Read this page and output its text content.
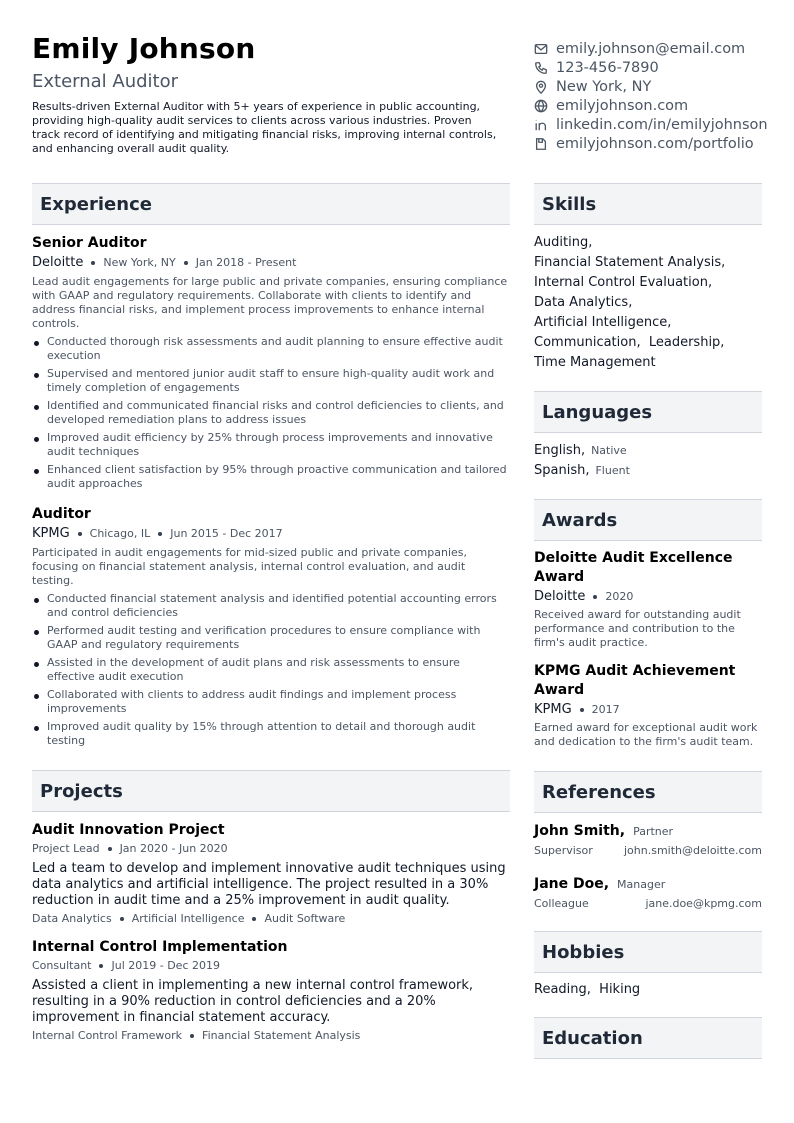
Emily Johnson
External Auditor
Results-driven External Auditor with 5+ years of experience in public accounting, providing high-quality audit services to clients across various industries. Proven track record of identifying and mitigating financial risks, improving internal controls, and enhancing overall audit quality.
emily.johnson@email.com
123-456-7890
New York, NY
emilyjohnson.com
linkedin.com/in/emilyjohnson
emilyjohnson.com/portfolio
Experience
Senior Auditor
Deloitte New York, NY Jan 2018 - Present
Lead audit engagements for large public and private companies, ensuring compliance with GAAP and regulatory requirements. Collaborate with clients to identify and address financial risks, and implement process improvements to enhance internal controls.
Conducted thorough risk assessments and audit planning to ensure effective audit execution
Supervised and mentored junior audit staff to ensure high-quality audit work and timely completion of engagements
Identified and communicated financial risks and control deficiencies to clients, and developed remediation plans to address issues
Improved audit efficiency by 25% through process improvements and innovative audit techniques
Enhanced client satisfaction by 95% through proactive communication and tailored audit approaches
Auditor
KPMG Chicago, IL Jun 2015 - Dec 2017
Participated in audit engagements for mid-sized public and private companies, focusing on financial statement analysis, internal control evaluation, and audit testing.
Conducted financial statement analysis and identified potential accounting errors and control deficiencies
Performed audit testing and verification procedures to ensure compliance with GAAP and regulatory requirements
Assisted in the development of audit plans and risk assessments to ensure effective audit execution
Collaborated with clients to address audit findings and implement process improvements
Improved audit quality by 15% through attention to detail and thorough audit testing
Projects
Audit Innovation Project
Project Lead Jan 2020 - Jun 2020
Led a team to develop and implement innovative audit techniques using data analytics and artificial intelligence. The project resulted in a 30% reduction in audit time and a 25% improvement in audit quality.
Data Analytics Artificial Intelligence Audit Software
Internal Control Implementation
Consultant Jul 2019 - Dec 2019
Assisted a client in implementing a new internal control framework, resulting in a 90% reduction in control deficiencies and a 20% improvement in financial statement accuracy.
Internal Control Framework Financial Statement Analysis
Skills
Auditing,
Financial Statement Analysis,
Internal Control Evaluation,
Data Analytics,
Artificial Intelligence,
Communication,  Leadership,
Time Management
Languages
English, Native
Spanish, Fluent
Awards
Deloitte Audit Excellence Award
Deloitte 2020
Received award for outstanding audit performance and contribution to the firm's audit practice.
KPMG Audit Achievement Award
KPMG 2017
Earned award for exceptional audit work and dedication to the firm's audit team.
References
John Smith, Partner
Supervisor	john.smith@deloitte.com
Jane Doe, Manager
Colleague	jane.doe@kpmg.com
Hobbies
Reading,  Hiking
Education
